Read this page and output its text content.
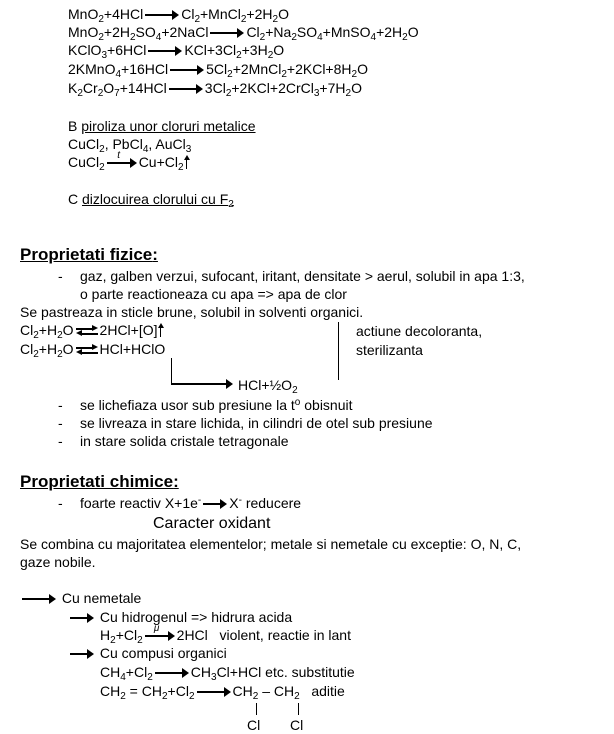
MnO$_2$+4HCl	$Cl_2+MnCl_2+2H_2O$
$MnO_2+2H_2SO_4+2NaCl$	$Cl_2+Na_2SO_4+MnSO_4+2H_2O$
KClO$_3$+6HCl	$KCl+3Cl_2+3H_2O$
2KMnO$_4$+16HCl	$5Cl_2+2MnCl_2+2KCl+8H_2O$
$K_2Cr_2O_7+14HCl$	$3Cl_2+2KCl+2CrCl_3+7H_2O$
B piroliza unor cloruri metalice
CuCl$_2$, PbCl$_4$, AuCl$_3$
CuCl$_2$
t	$Cu+Cl_2$
C dizlocuirea clorului cu $F_2$
Proprietati fizice:
- gaz, galben verzui, sufocant, iritant, densitate > aerul, solubil in apa 1:3,
o parte reactioneaza cu apa => apa de clor
Se pastreaza in sticle brune, solubil in solventi organici.
$Cl_2+H_2O$ ⇌ 2HCl+[O]
$Cl_2+H_2O$ ⇌ HCl+HClO
actiune decoloranta,
sterilizanta
$HCl+\frac{1}{2}O_2$
- se lichefiaza usor sub presiune la $t^o$ obisnuit
- se livreaza in stare lichida, in cilindri de otel sub presiune
- in stare solida cristale tetragonale
Proprietati chimice:
- foarte reactiv X+1e- X- reducere
Caracter oxidant
Se combina cu majoritatea elementelor; metale si nemetale cu exceptie: O, N, C,
gaze nobile.
Cu nemetale
Cu hidrogenul => hidrura acida
$H_2+Cl_2$
μ	2HCl violent, reactie in lant
Cu compusi organici
$CH_4+Cl_2$	$CH_3Cl+HCl$ etc. substitutie
$CH_2 = CH_2+Cl_2$	$CH_2 - CH_2$ aditie
Cl Cl
